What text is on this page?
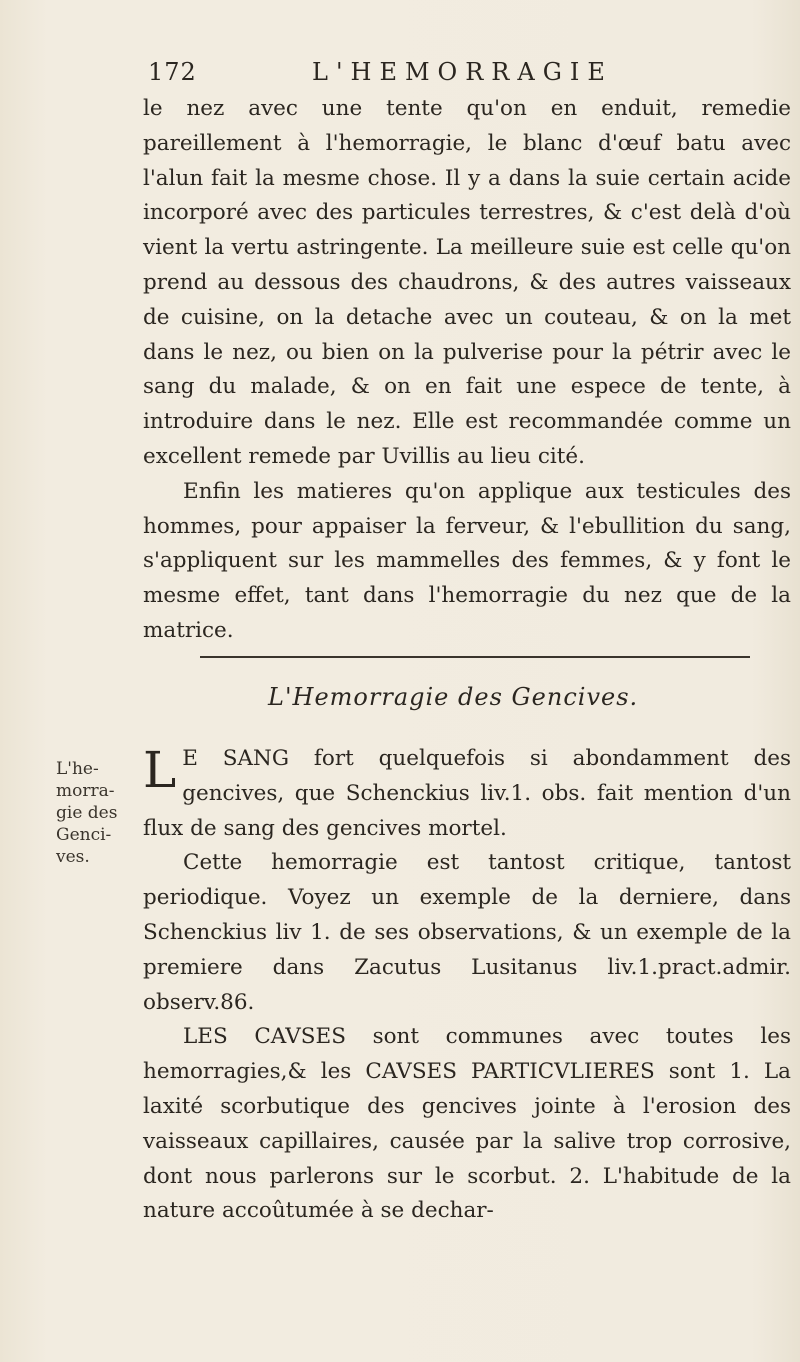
172	L'HEMORRAGIE

le nez avec une tente qu'on en enduit, remedie pareillement à l'hemorragie, le blanc d'œuf batu avec l'alun fait la mesme chose. Il y a dans la suie certain acide incorporé avec des particules terrestres, & c'est delà d'où vient la vertu astringente. La meilleure suie est celle qu'on prend au dessous des chaudrons, & des autres vaisseaux de cuisine, on la detache avec un couteau, & on la met dans le nez, ou bien on la pulverise pour la pétrir avec le sang du malade, & on en fait une espece de tente, à introduire dans le nez. Elle est recommandée comme un excellent remede par Uvillis au lieu cité.

Enfin les matieres qu'on applique aux testicules des hommes, pour appaiser la ferveur, & l'ebullition du sang, s'appliquent sur les mammelles des femmes, & y font le mesme effet, tant dans l'hemorragie du nez que de la matrice.

L'Hemorragie des Gencives.
L'he-
morra-
gie des
Genci-
ves.

L E SANG fort quelquefois si abondamment des gencives, que Schenckius liv.1. obs. fait mention d'un flux de sang des gencives mortel.

Cette hemorragie est tantost critique, tantost periodique. Voyez un exemple de la derniere, dans Schenckius liv 1. de ses observations, & un exemple de la premiere dans Zacutus Lusitanus liv.1.pract.admir. observ.86.

LES CAVSES sont communes avec toutes les hemorragies,& les CAVSES PARTICVLIERES sont 1. La laxité scorbutique des gencives jointe à l'erosion des vaisseaux capillaires, causée par la salive trop corrosive, dont nous parlerons sur le scorbut. 2. L'habitude de la nature accoûtumée à se dechar-
